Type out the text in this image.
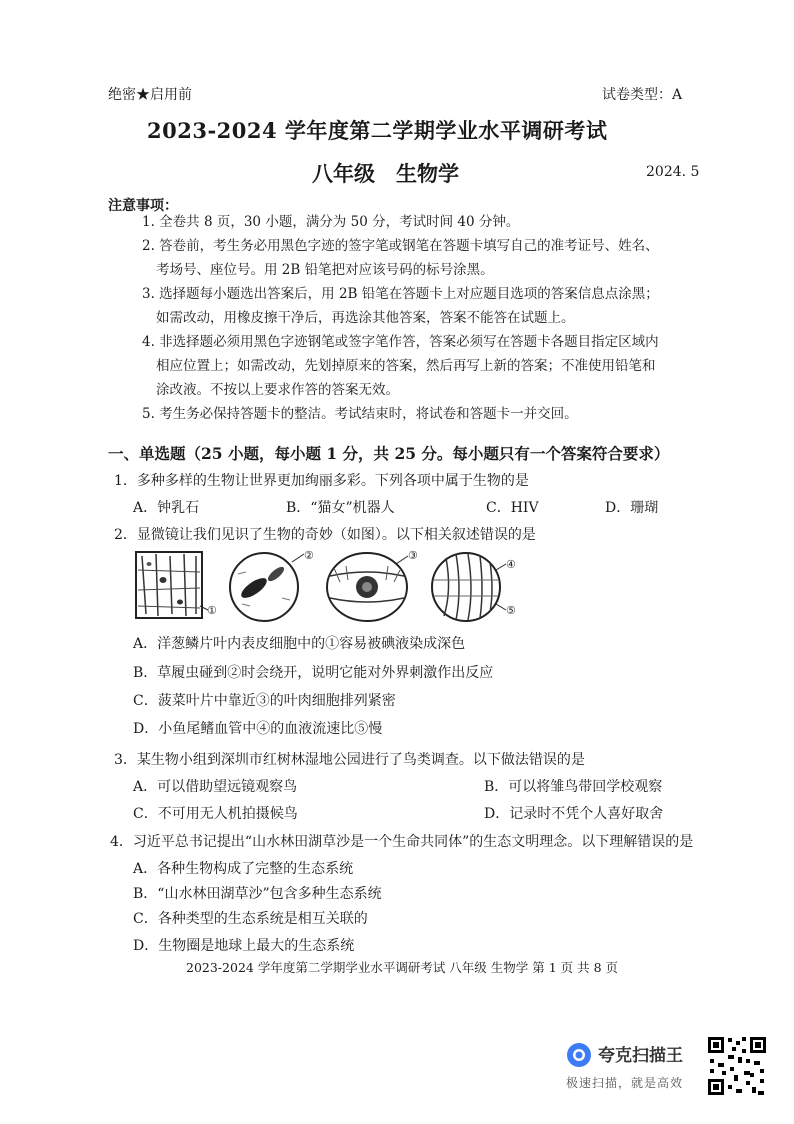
绝密★启用前	试卷类型：A
2023-2024 学年度第二学期学业水平调研考试
八年级　生物学	2024. 5
注意事项：
1. 全卷共 8 页，30 小题，满分为 50 分，考试时间 40 分钟。
2. 答卷前，考生务必用黑色字迹的签字笔或钢笔在答题卡填写自己的准考证号、姓名、
考场号、座位号。用 2B 铅笔把对应该号码的标号涂黑。
3. 选择题每小题选出答案后，用 2B 铅笔在答题卡上对应题目选项的答案信息点涂黑；
如需改动，用橡皮擦干净后，再选涂其他答案，答案不能答在试题上。
4. 非选择题必须用黑色字迹钢笔或签字笔作答，答案必须写在答题卡各题目指定区域内
相应位置上；如需改动，先划掉原来的答案，然后再写上新的答案；不准使用铅笔和
涂改液。不按以上要求作答的答案无效。
5. 考生务必保持答题卡的整洁。考试结束时，将试卷和答题卡一并交回。
一、单选题（25 小题，每小题 1 分，共 25 分。每小题只有一个答案符合要求）
1．多种多样的生物让世界更加绚丽多彩。下列各项中属于生物的是
A．钟乳石	B．“猫女”机器人	C．HIV	D．珊瑚
2．显微镜让我们见识了生物的奇妙（如图）。以下相关叙述错误的是
①
②	③
④
⑤
A．洋葱鳞片叶内表皮细胞中的①容易被碘液染成深色
B．草履虫碰到②时会绕开，说明它能对外界刺激作出反应
C．菠菜叶片中靠近③的叶肉细胞排列紧密
D．小鱼尾鳍血管中④的血液流速比⑤慢
3．某生物小组到深圳市红树林湿地公园进行了鸟类调查。以下做法错误的是
A．可以借助望远镜观察鸟	B．可以将雏鸟带回学校观察
C．不可用无人机拍摄候鸟	D．记录时不凭个人喜好取舍
4．习近平总书记提出“山水林田湖草沙是一个生命共同体”的生态文明理念。以下理解错误的是
A．各种生物构成了完整的生态系统
B．“山水林田湖草沙”包含多种生态系统
C．各种类型的生态系统是相互关联的
D．生物圈是地球上最大的生态系统
2023-2024 学年度第二学期学业水平调研考试 八年级 生物学 第 1 页 共 8 页
夸克扫描王
极速扫描，就是高效
